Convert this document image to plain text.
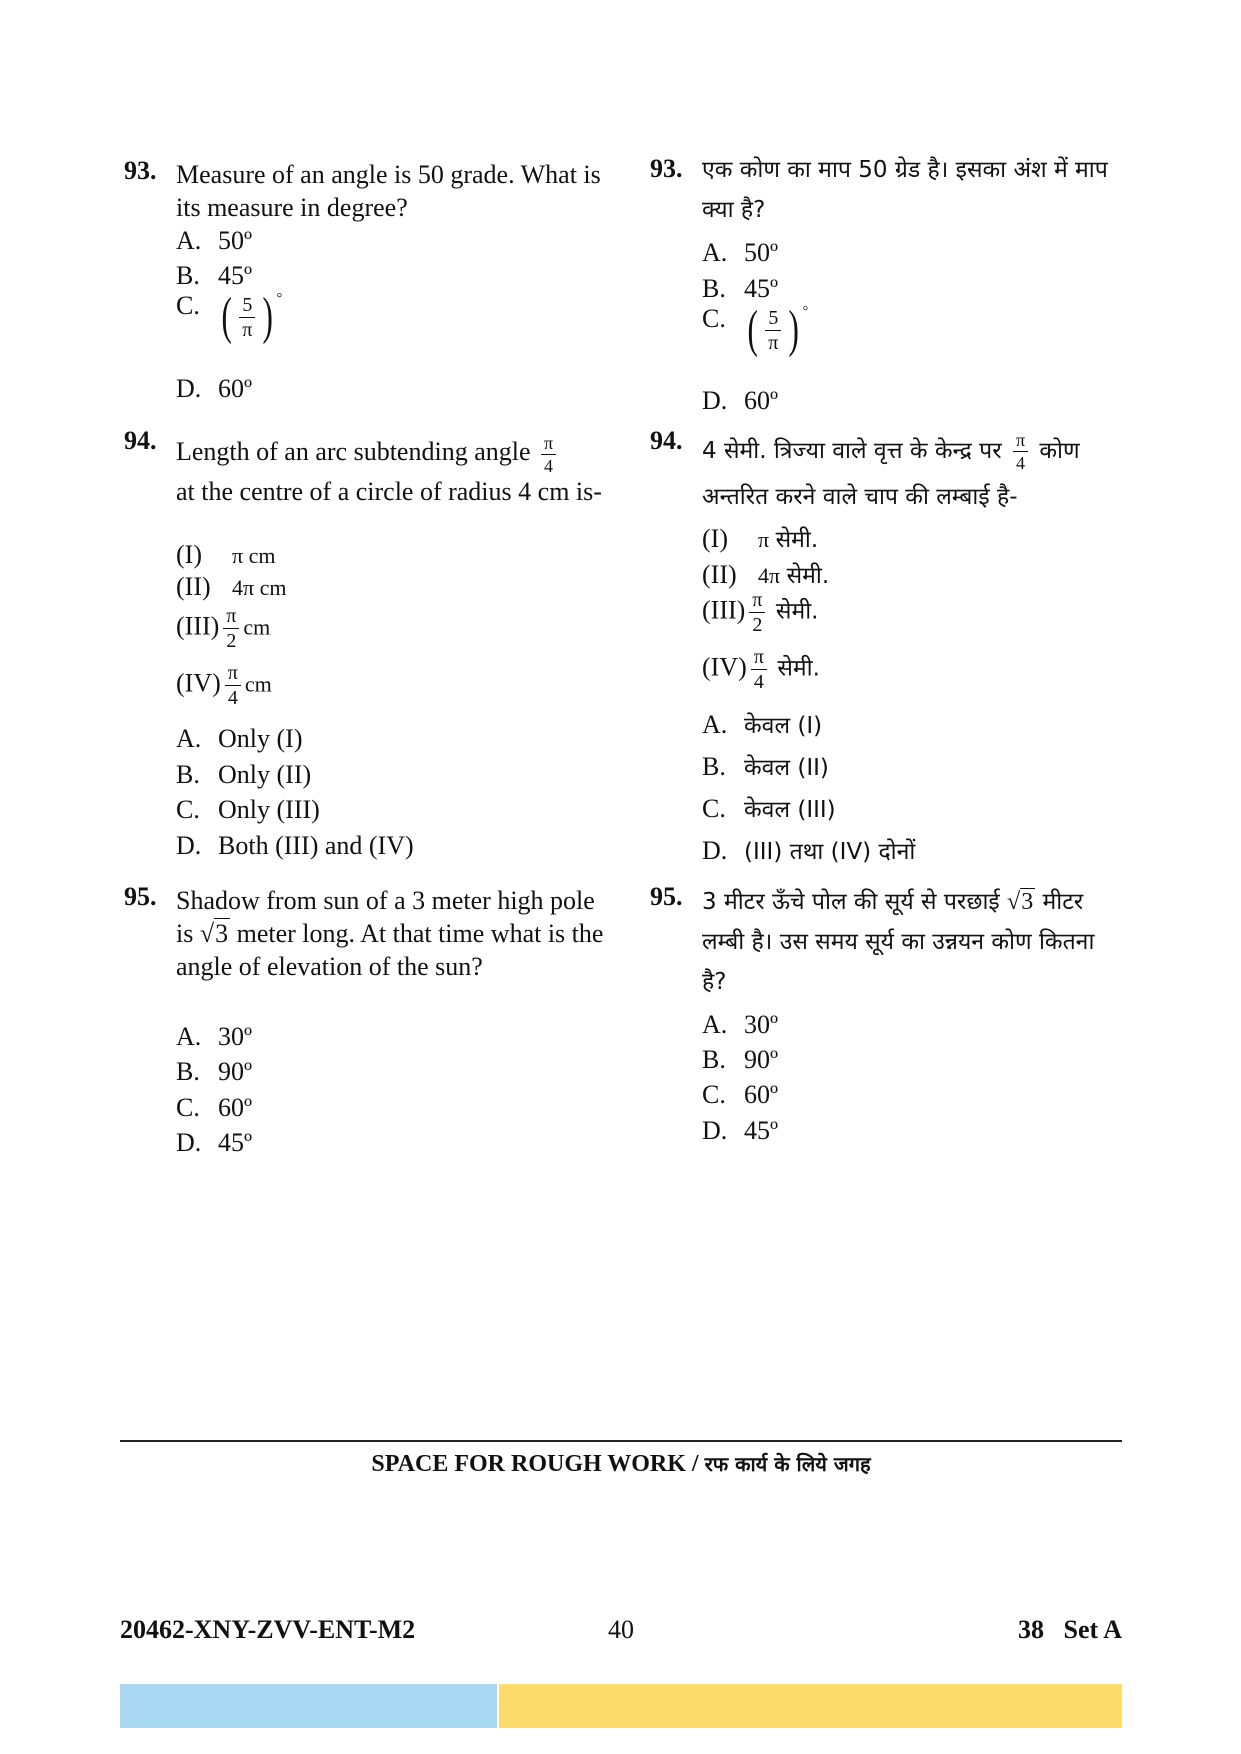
93. Measure of an angle is 50 grade. What is its measure in degree?
A. 50º
B. 45º
C. ( $\frac{5}{\pi}$ ) °
D. 60º
94. Length of an arc subtending angle $\frac{\pi}{4}$
at the centre of a circle of radius 4 cm is-
(I) π cm
(II) 4π cm
$(III) \frac{\pi}{2}$ cm
$(IV) \frac{\pi}{4}$ cm
A. Only (I)
B. Only (II)
C. Only (III)
D. Both (III) and (IV)
95. Shadow from sun of a 3 meter high pole is √3 meter long. At that time what is the angle of elevation of the sun?
A. 30º
B. 90º
C. 60º
D. 45º
93. एक कोण का माप 50 ग्रेड है। इसका अंश में माप क्या है?
A. 50º
B. 45º
C. ( $\frac{5}{\pi}$ ) °
D. 60º
94. 4 सेमी. त्रिज्या वाले वृत्त के केन्द्र पर $\frac{\pi}{4}$ कोण अन्तरित करने वाले चाप की लम्बाई है-
(I) π सेमी.
(II) 4π सेमी.
$(III) \frac{\pi}{2}$ सेमी.
$(IV) \frac{\pi}{4}$ सेमी.
A. केवल (I)
B. केवल (II)
C. केवल (III)
D. (III) तथा (IV) दोनों
95. 3 मीटर ऊँचे पोल की सूर्य से परछाई √3 मीटर लम्बी है। उस समय सूर्य का उन्नयन कोण कितना है?
A. 30º
B. 90º
C. 60º
D. 45º
SPACE FOR ROUGH WORK / रफ कार्य के लिये जगह
20462-XNY-ZVV-ENT-M2	40	38   Set A
